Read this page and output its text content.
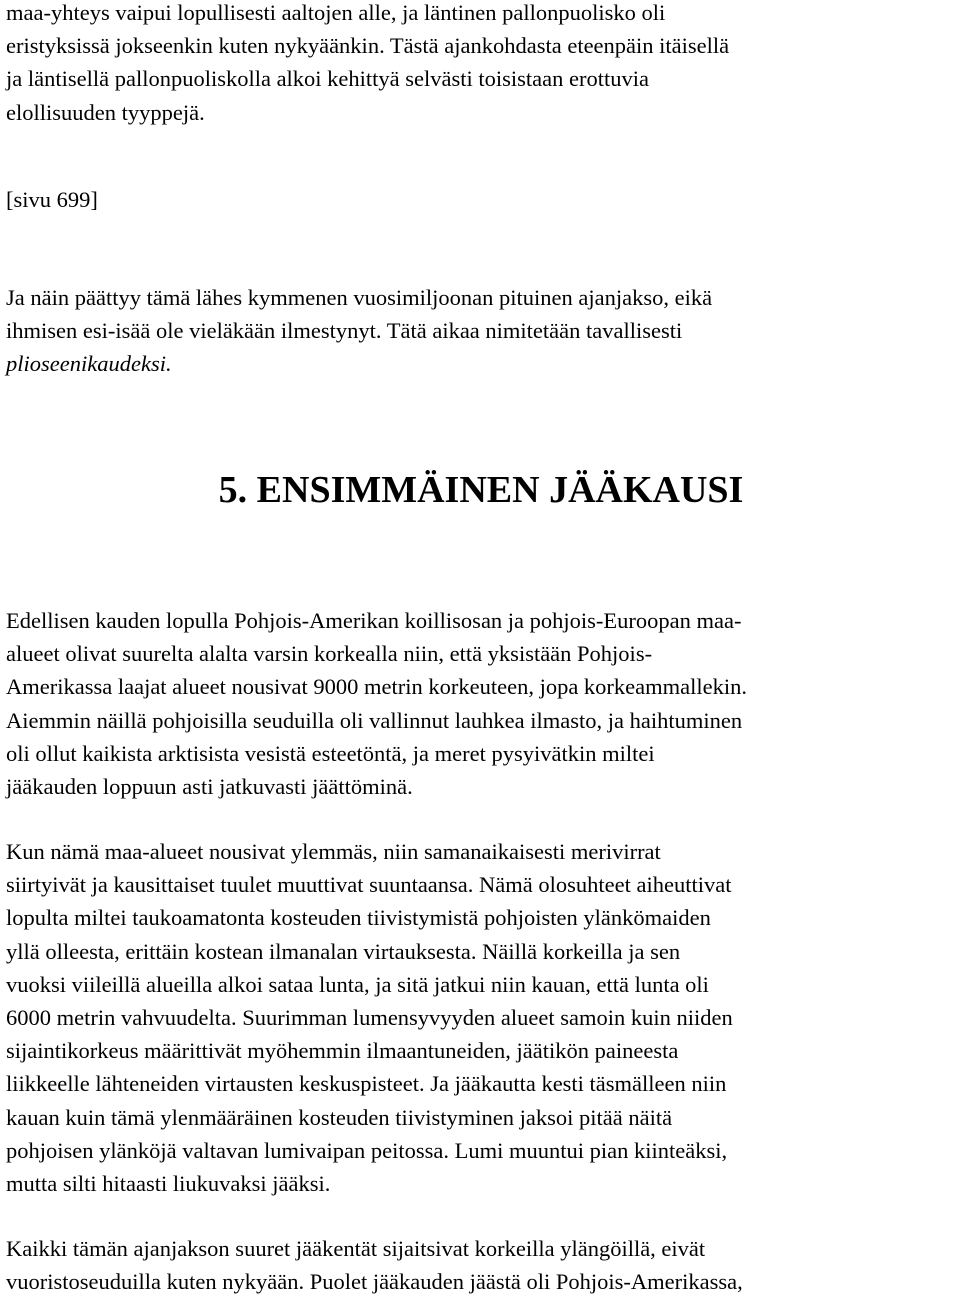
maa-yhteys vaipui lopullisesti aaltojen alle, ja läntinen pallonpuolisko oli
eristyksissä jokseenkin kuten nykyäänkin. Tästä ajankohdasta eteenpäin itäisellä
ja läntisellä pallonpuoliskolla alkoi kehittyä selvästi toisistaan erottuvia
elollisuuden tyyppejä.

[sivu 699]

Ja näin päättyy tämä lähes kymmenen vuosimiljoonan pituinen ajanjakso, eikä
ihmisen esi-isää ole vieläkään ilmestynyt. Tätä aikaa nimitetään tavallisesti
plioseenikaudeksi.

5. ENSIMMÄINEN JÄÄKAUSI

Edellisen kauden lopulla Pohjois-Amerikan koillisosan ja pohjois-Euroopan maa-
alueet olivat suurelta alalta varsin korkealla niin, että yksistään Pohjois-
Amerikassa laajat alueet nousivat 9000 metrin korkeuteen, jopa korkeammallekin.
Aiemmin näillä pohjoisilla seuduilla oli vallinnut lauhkea ilmasto, ja haihtuminen
oli ollut kaikista arktisista vesistä esteetöntä, ja meret pysyivätkin miltei
jääkauden loppuun asti jatkuvasti jäättöminä.

Kun nämä maa-alueet nousivat ylemmäs, niin samanaikaisesti merivirrat
siirtyivät ja kausittaiset tuulet muuttivat suuntaansa. Nämä olosuhteet aiheuttivat
lopulta miltei taukoamatonta kosteuden tiivistymistä pohjoisten ylänkömaiden
yllä olleesta, erittäin kostean ilmanalan virtauksesta. Näillä korkeilla ja sen
vuoksi viileillä alueilla alkoi sataa lunta, ja sitä jatkui niin kauan, että lunta oli
6000 metrin vahvuudelta. Suurimman lumensyvyyden alueet samoin kuin niiden
sijaintikorkeus määrittivät myöhemmin ilmaantuneiden, jäätikön paineesta
liikkeelle lähteneiden virtausten keskuspisteet. Ja jääkautta kesti täsmälleen niin
kauan kuin tämä ylenmääräinen kosteuden tiivistyminen jaksoi pitää näitä
pohjoisen ylänköjä valtavan lumivaipan peitossa. Lumi muuntui pian kiinteäksi,
mutta silti hitaasti liukuvaksi jääksi.

Kaikki tämän ajanjakson suuret jääkentät sijaitsivat korkeilla ylängöillä, eivät
vuoristoseuduilla kuten nykyään. Puolet jääkauden jäästä oli Pohjois-Amerikassa,
